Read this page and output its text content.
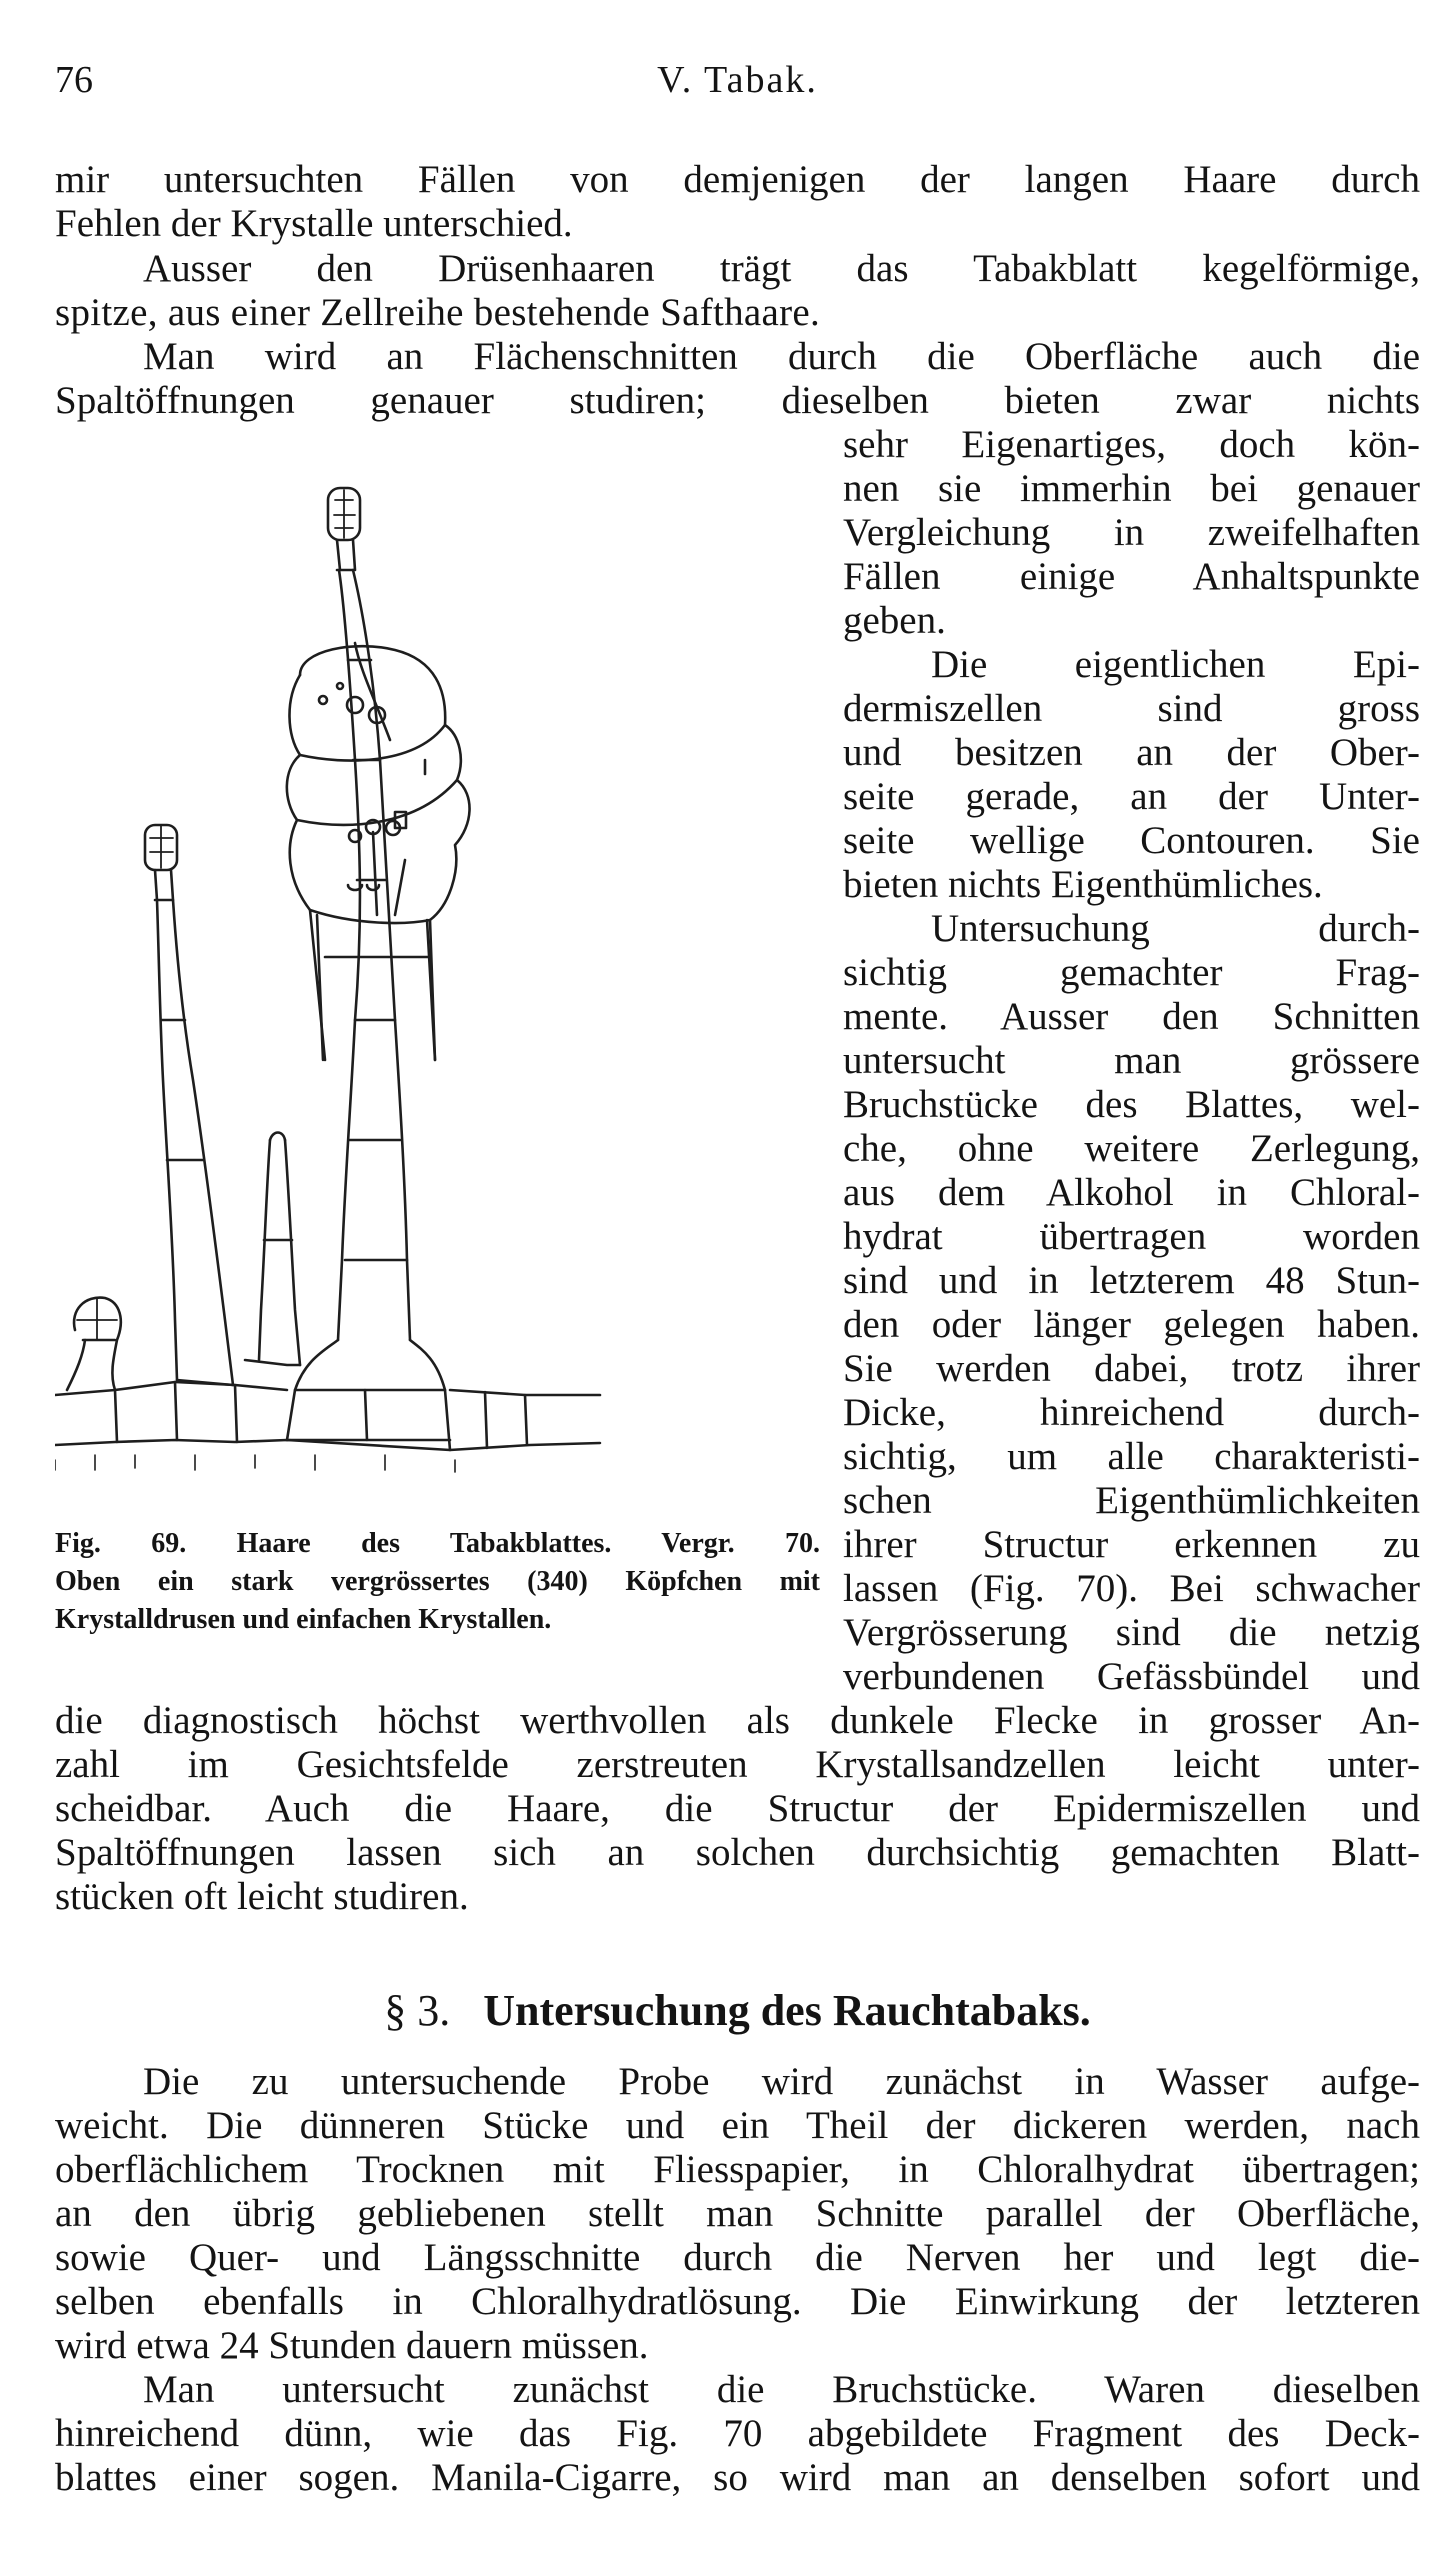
76	V. Tabak.
mir untersuchten Fällen von demjenigen der langen Haare durch
Fehlen der Krystalle unterschied.
Ausser den Drüsenhaaren trägt das Tabakblatt kegelförmige,
spitze, aus einer Zellreihe bestehende Safthaare.
Man wird an Flächenschnitten durch die Oberfläche auch die
Spaltöffnungen genauer studiren; dieselben bieten zwar nichts
sehr Eigenartiges, doch kön-
nen sie immerhin bei genauer
Vergleichung in zweifelhaften
Fällen einige Anhaltspunkte
geben.
Die eigentlichen Epi-
dermiszellen sind gross
und besitzen an der Ober-
seite gerade, an der Unter-
seite wellige Contouren. Sie
bieten nichts Eigenthümliches.
Untersuchung durch-
sichtig gemachter Frag-
mente. Ausser den Schnitten
untersucht man grössere
Bruchstücke des Blattes, wel-
che, ohne weitere Zerlegung,
aus dem Alkohol in Chloral-
hydrat übertragen worden
sind und in letzterem 48 Stun-
den oder länger gelegen haben.
Sie werden dabei, trotz ihrer
Dicke, hinreichend durch-
sichtig, um alle charakteristi-
schen Eigenthümlichkeiten
ihrer Structur erkennen zu
lassen (Fig. 70). Bei schwacher
Vergrösserung sind die netzig
verbundenen Gefässbündel und
die diagnostisch höchst werthvollen als dunkele Flecke in grosser An-
zahl im Gesichtsfelde zerstreuten Krystallsandzellen leicht unter-
scheidbar. Auch die Haare, die Structur der Epidermiszellen und
Spaltöffnungen lassen sich an solchen durchsichtig gemachten Blatt-
stücken oft leicht studiren.
Fig. 69. Haare des Tabakblattes. Vergr. 70.
Oben ein stark vergrössertes (340) Köpfchen mit
Krystalldrusen und einfachen Krystallen.
§ 3. Untersuchung des Rauchtabaks.
Die zu untersuchende Probe wird zunächst in Wasser aufge-
weicht. Die dünneren Stücke und ein Theil der dickeren werden, nach
oberflächlichem Trocknen mit Fliesspapier, in Chloralhydrat übertragen;
an den übrig gebliebenen stellt man Schnitte parallel der Oberfläche,
sowie Quer- und Längsschnitte durch die Nerven her und legt die-
selben ebenfalls in Chloralhydratlösung. Die Einwirkung der letzteren
wird etwa 24 Stunden dauern müssen.
Man untersucht zunächst die Bruchstücke. Waren dieselben
hinreichend dünn, wie das Fig. 70 abgebildete Fragment des Deck-
blattes einer sogen. Manila-Cigarre, so wird man an denselben sofort und
